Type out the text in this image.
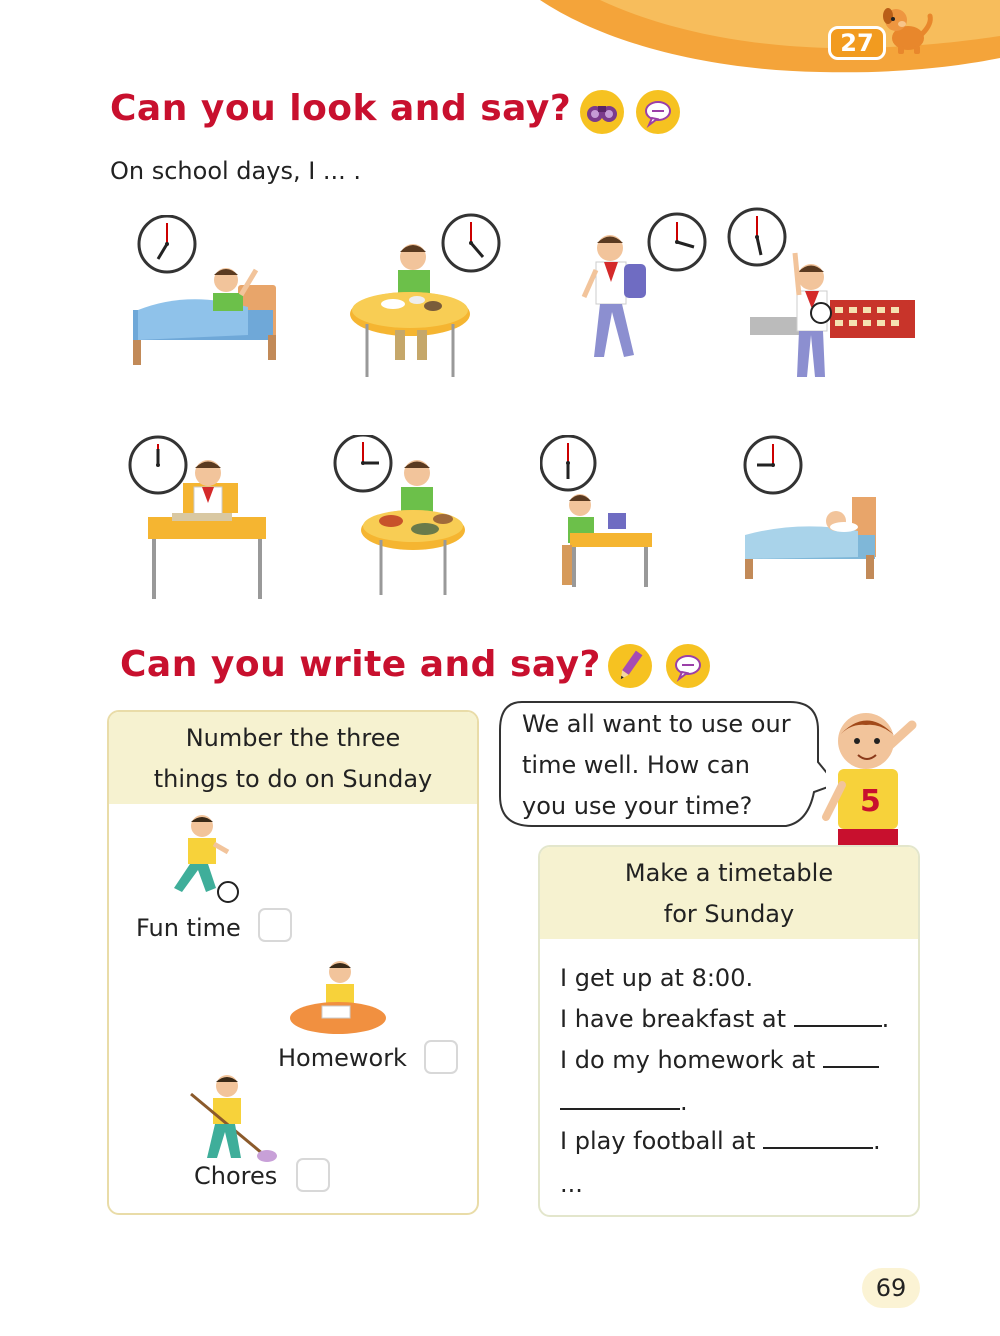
27
Can you look and say?
On school days, I ... .
Can you write and say?
Number the three
things to do on Sunday
Fun time
Homework
Chores
We all want to use our
time well. How can
you use your time?	5
Make a timetable
for Sunday
I get up at 8:00.
I have breakfast at	.
I do my homework at
.
I play football at	.
...
69
